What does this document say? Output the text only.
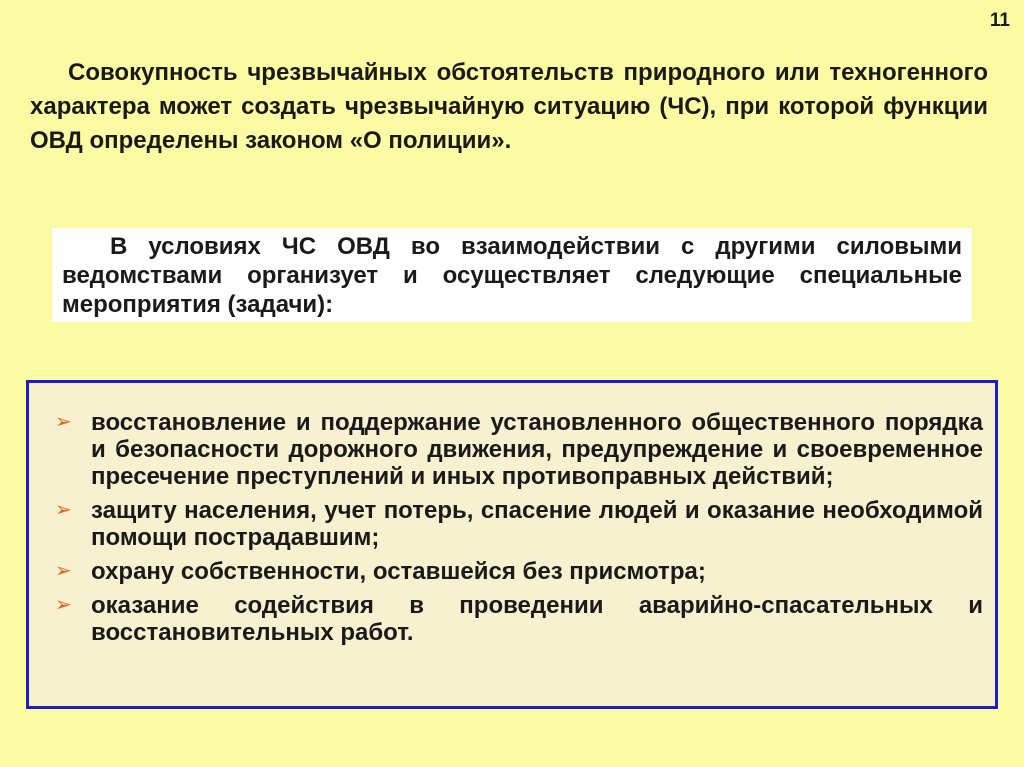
11

Совокупность чрезвычайных обстоятельств природного или техногенного характера может создать чрезвычайную ситуацию (ЧС), при которой функции ОВД определены законом «О полиции».

В условиях ЧС ОВД во взаимодействии с другими силовыми ведомствами организует и осуществляет следующие специальные мероприятия (задачи):

➢ восстановление и поддержание установленного общественного порядка и безопасности дорожного движения, предупреждение и своевременное пресечение преступлений и иных противоправных действий;
➢ защиту населения, учет потерь, спасение людей и оказание необходимой помощи пострадавшим;
➢ охрану собственности, оставшейся без присмотра;
➢ оказание содействия в проведении аварийно-спасательных и восстановительных работ.
